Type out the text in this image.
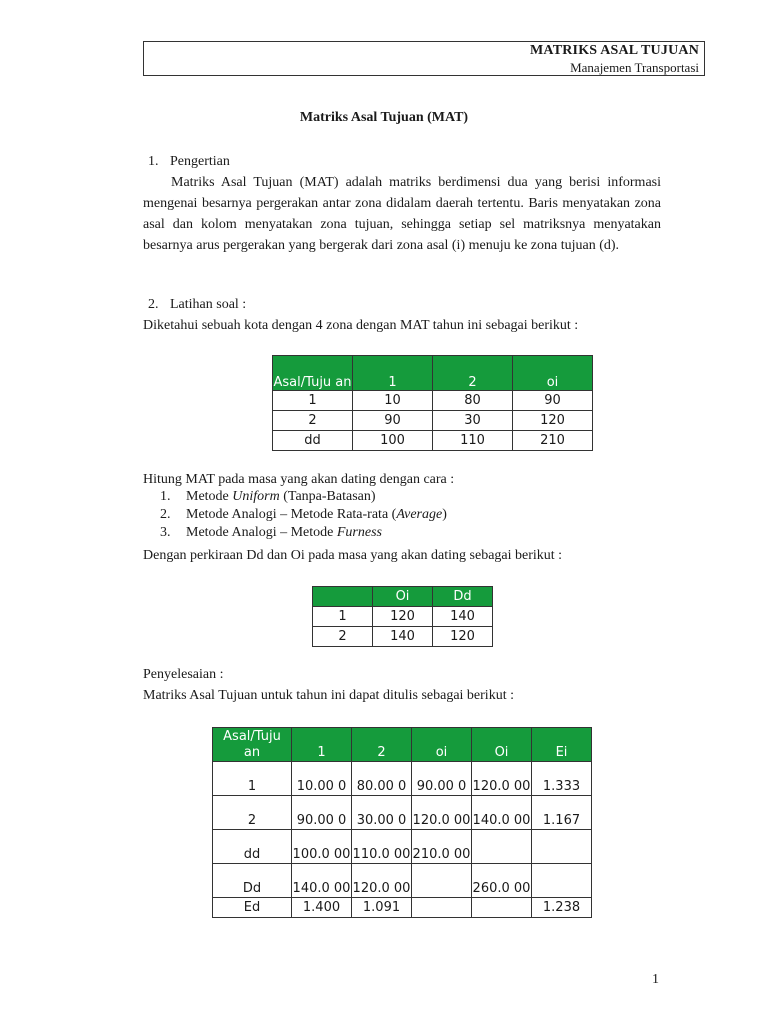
MATRIKS ASAL TUJUAN
Manajemen Transportasi
Matriks Asal Tujuan (MAT)
1. Pengertian
Matriks Asal Tujuan (MAT) adalah matriks berdimensi dua yang berisi informasi mengenai besarnya pergerakan antar zona didalam daerah tertentu. Baris menyatakan zona asal dan kolom menyatakan zona tujuan, sehingga setiap sel matriksnya menyatakan besarnya arus pergerakan yang bergerak dari zona asal (i) menuju ke zona tujuan (d).
2. Latihan soal :
Diketahui sebuah kota dengan 4 zona dengan MAT tahun ini sebagai berikut :
Asal/Tuju an	1	2	oi
1	10	80	90
2	90	30	120
dd	100	110	210
Hitung MAT pada masa yang akan dating dengan cara :
1. Metode Uniform (Tanpa-Batasan)
2. Metode Analogi – Metode Rata-rata (Average)
3. Metode Analogi – Metode Furness
Dengan perkiraan Dd dan Oi pada masa yang akan dating sebagai berikut :
	Oi	Dd
1	120	140
2	140	120
Penyelesaian :
Matriks Asal Tujuan untuk tahun ini dapat ditulis sebagai berikut :
Asal/Tuju an	1	2	oi	Oi	Ei
1	10.00 0	80.00 0	90.00 0	120.0 00	1.333
2	90.00 0	30.00 0	120.0 00	140.0 00	1.167
dd	100.0 00	110.0 00	210.0 00		
Dd	140.0 00	120.0 00		260.0 00	
Ed	1.400	1.091			1.238
1
